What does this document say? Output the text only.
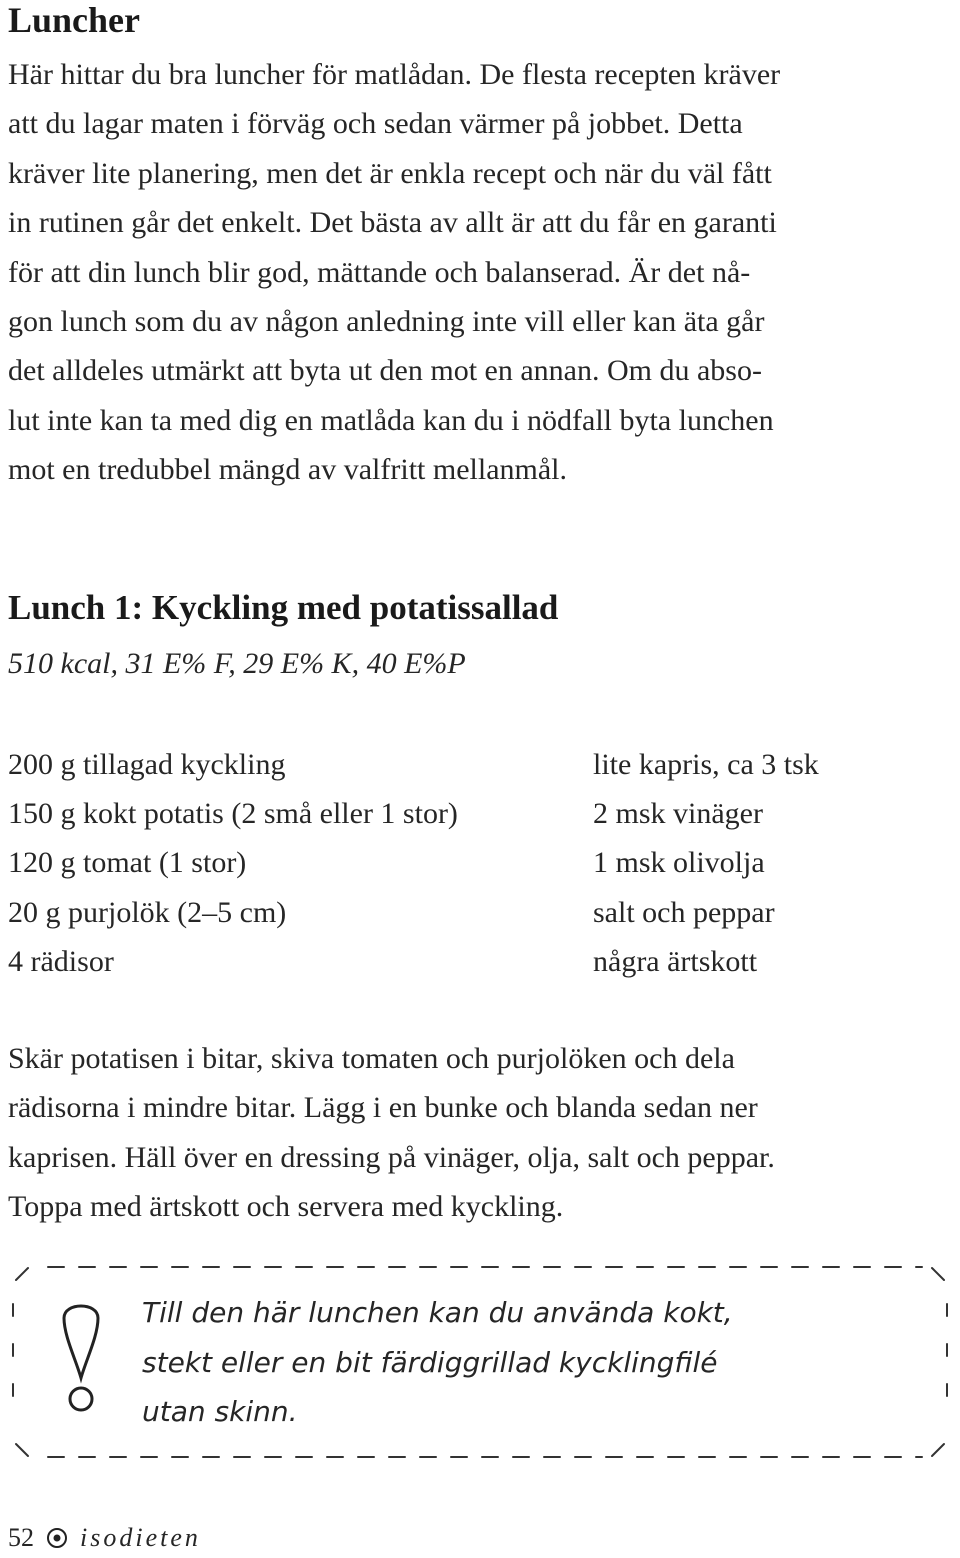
Luncher
Här hittar du bra luncher för matlådan. De flesta recepten kräver
att du lagar maten i förväg och sedan värmer på jobbet. Detta
kräver lite planering, men det är enkla recept och när du väl fått
in rutinen går det enkelt. Det bästa av allt är att du får en garanti
för att din lunch blir god, mättande och balanserad. Är det nå-
gon lunch som du av någon anledning inte vill eller kan äta går
det alldeles utmärkt att byta ut den mot en annan. Om du abso-
lut inte kan ta med dig en matlåda kan du i nödfall byta lunchen
mot en tredubbel mängd av valfritt mellanmål.
Lunch 1: Kyckling med potatissallad
510 kcal, 31 E% F, 29 E% K, 40 E%P
200 g tillagad kyckling
150 g kokt potatis (2 små eller 1 stor)
120 g tomat (1 stor)
20 g purjolök (2–5 cm)
4 rädisor
lite kapris, ca 3 tsk
2 msk vinäger
1 msk olivolja
salt och peppar
några ärtskott
Skär potatisen i bitar, skiva tomaten och purjolöken och dela
rädisorna i mindre bitar. Lägg i en bunke och blanda sedan ner
kaprisen. Häll över en dressing på vinäger, olja, salt och peppar.
Toppa med ärtskott och servera med kyckling.
Till den här lunchen kan du använda kokt,
stekt eller en bit färdiggrillad kycklingfilé
utan skinn.
52 isodieten
